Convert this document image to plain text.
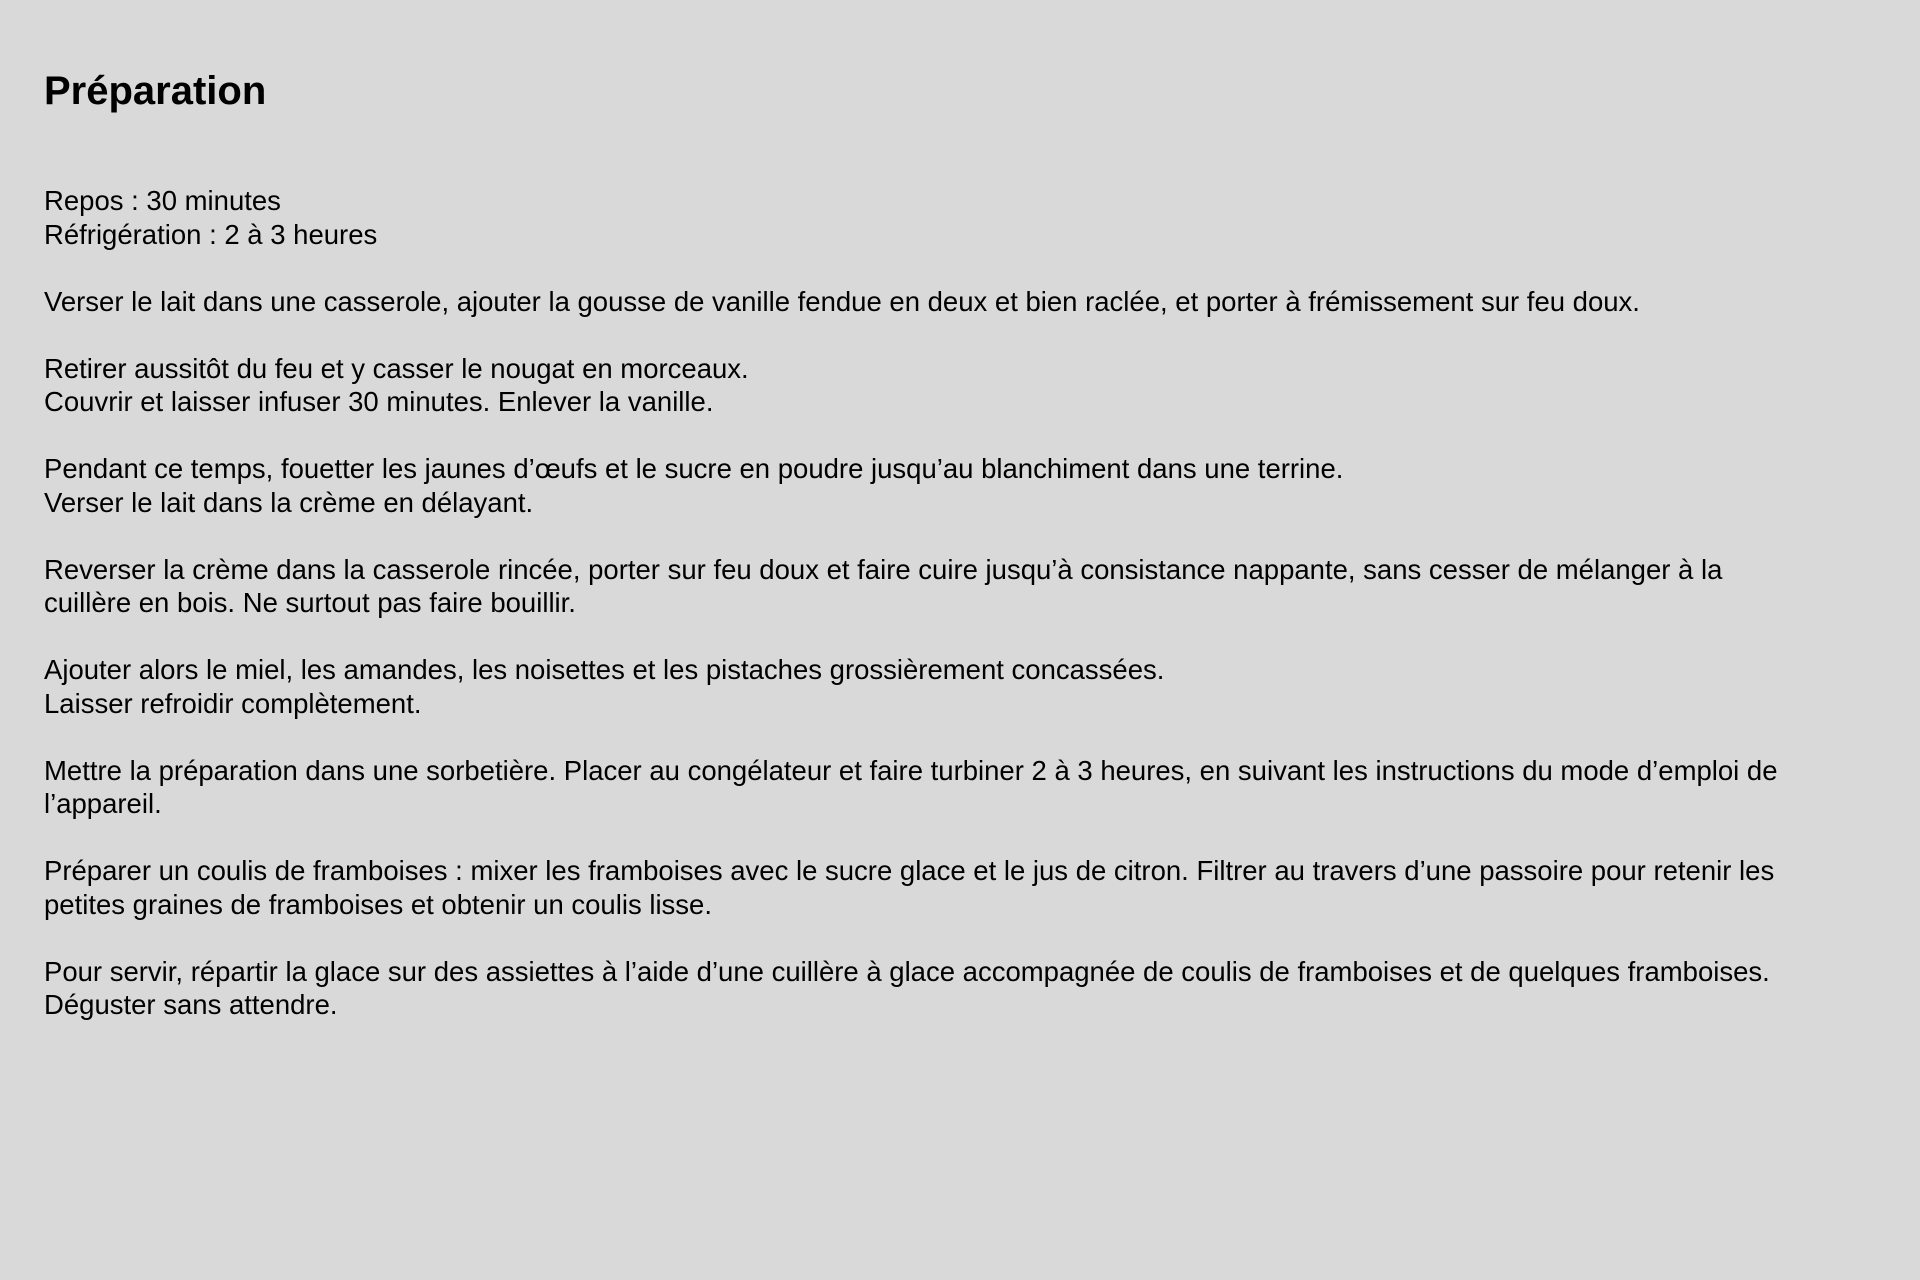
Préparation

Repos : 30 minutes
Réfrigération : 2 à 3 heures

Verser le lait dans une casserole, ajouter la gousse de vanille fendue en deux et bien raclée, et porter à frémissement sur feu doux.

Retirer aussitôt du feu et y casser le nougat en morceaux.
Couvrir et laisser infuser 30 minutes. Enlever la vanille.

Pendant ce temps, fouetter les jaunes d’œufs et le sucre en poudre jusqu’au blanchiment dans une terrine.
Verser le lait dans la crème en délayant.

Reverser la crème dans la casserole rincée, porter sur feu doux et faire cuire jusqu’à consistance nappante, sans cesser de mélanger à la
cuillère en bois. Ne surtout pas faire bouillir.

Ajouter alors le miel, les amandes, les noisettes et les pistaches grossièrement concassées.
Laisser refroidir complètement.

Mettre la préparation dans une sorbetière. Placer au congélateur et faire turbiner 2 à 3 heures, en suivant les instructions du mode d’emploi de
l’appareil.

Préparer un coulis de framboises : mixer les framboises avec le sucre glace et le jus de citron. Filtrer au travers d’une passoire pour retenir les
petites graines de framboises et obtenir un coulis lisse.

Pour servir, répartir la glace sur des assiettes à l’aide d’une cuillère à glace accompagnée de coulis de framboises et de quelques framboises.
Déguster sans attendre.
